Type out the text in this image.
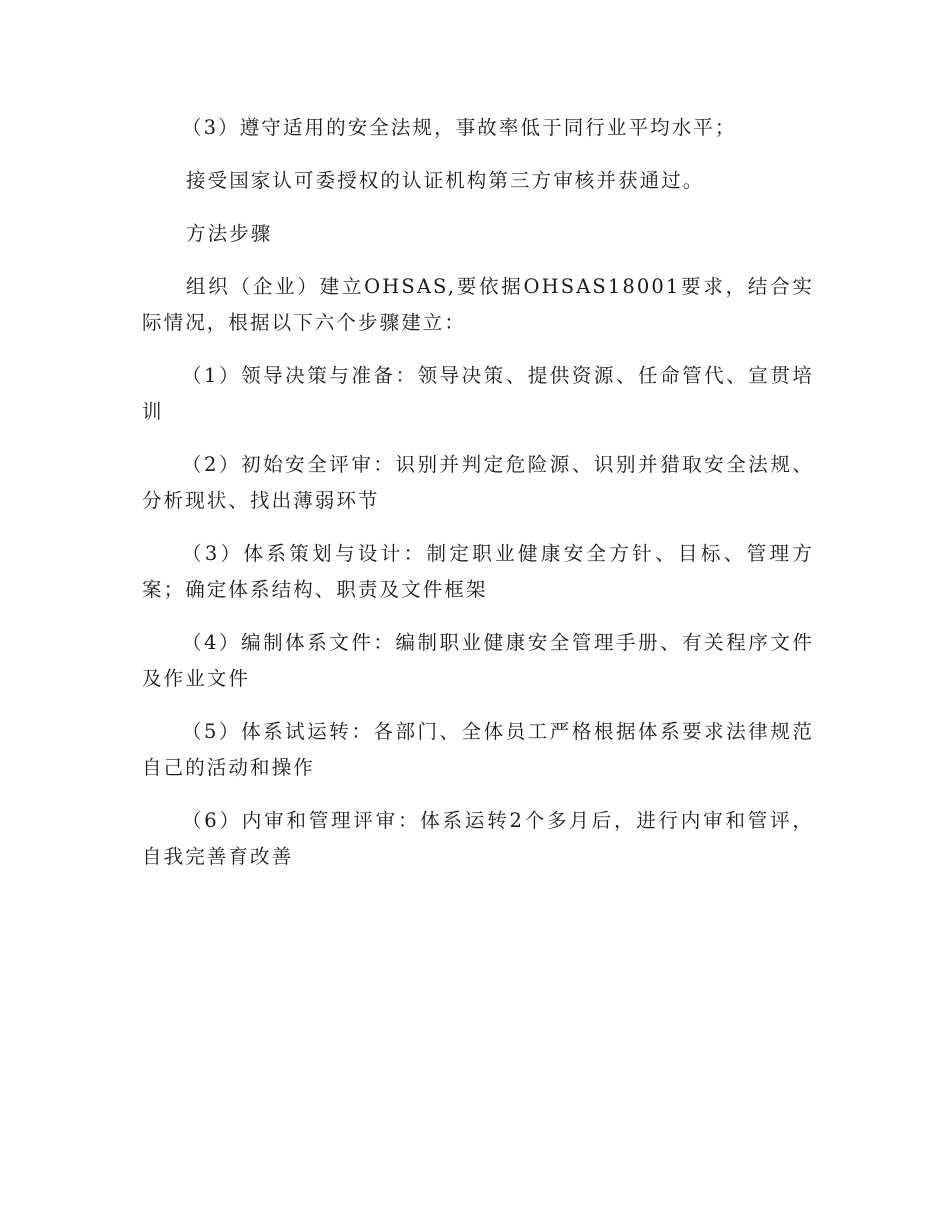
（3）遵守适用的安全法规，事故率低于同行业平均水平；

接受国家认可委授权的认证机构第三方审核并获通过。

方法步骤

组织（企业）建立OHSAS,要依据OHSAS18001要求，结合实际情况，根据以下六个步骤建立：

（1）领导决策与准备：领导决策、提供资源、任命管代、宣贯培训

（2）初始安全评审：识别并判定危险源、识别并猎取安全法规、分析现状、找出薄弱环节

（3）体系策划与设计：制定职业健康安全方针、目标、管理方案；确定体系结构、职责及文件框架

（4）编制体系文件：编制职业健康安全管理手册、有关程序文件及作业文件

（5）体系试运转：各部门、全体员工严格根据体系要求法律规范自己的活动和操作

（6）内审和管理评审：体系运转2个多月后，进行内审和管评，自我完善育改善
